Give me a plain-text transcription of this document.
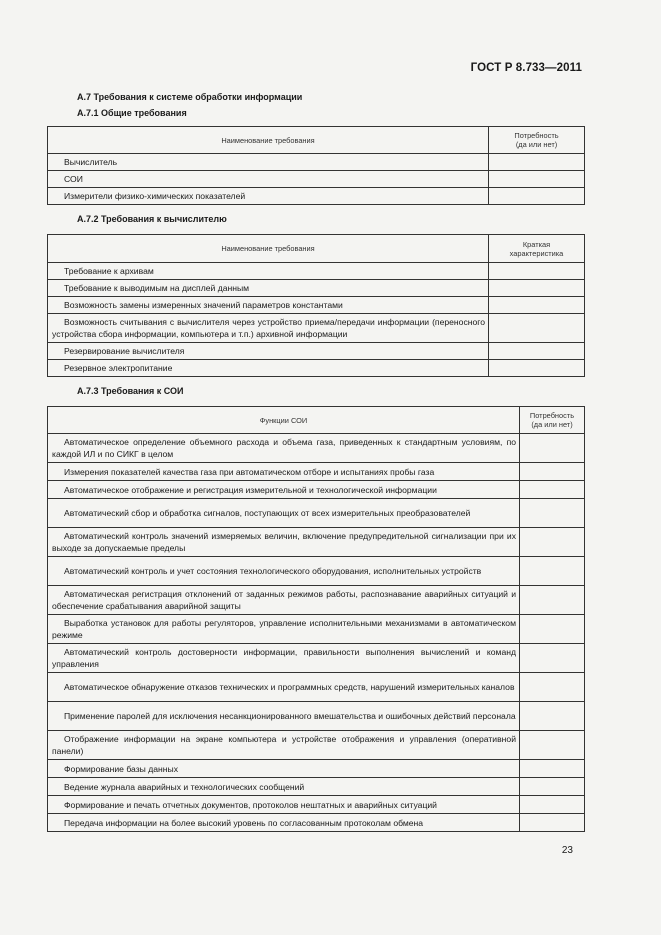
ГОСТ Р 8.733—2011
А.7 Требования к системе обработки информации
А.7.1 Общие требования
Наименование требования	Потребность
(да или нет)

Вычислитель	

СОИ	

Измерители физико-химических показателей	

А.7.2 Требования к вычислителю
Наименование требования	Краткая
характеристика

Требование к архивам	

Требование к выводимым на дисплей данным	

Возможность замены измеренных значений параметров константами	

Возможность считывания с вычислителя через устройство приема/передачи информации (переносного устройства сбора информации, компьютера и т.п.) архивной информации	

Резервирование вычислителя	

Резервное электропитание	

А.7.3 Требования к СОИ
Функции СОИ	Потребность
(да или нет)
Автоматическое определение объемного расхода и объема газа, приведенных к стандартным условиям, по каждой ИЛ и по СИКГ в целом	

Измерения показателей качества газа при автоматическом отборе и испытаниях пробы газа	

Автоматическое отображение и регистрация измерительной и технологической информации	

Автоматический сбор и обработка сигналов, поступающих от всех измерительных преобразователей	
Автоматический контроль значений измеряемых величин, включение предупредительной сигнализации при их выходе за допускаемые пределы	
Автоматический контроль и учет состояния технологического оборудования, исполнительных устройств	
Автоматическая регистрация отклонений от заданных режимов работы, распознавание аварийных ситуаций и обеспечение срабатывания аварийной защиты	
Выработка установок для работы регуляторов, управление исполнительными механизмами в автоматическом режиме	
Автоматический контроль достоверности информации, правильности выполнения вычислений и команд управления	
Автоматическое обнаружение отказов технических и программных средств, нарушений измерительных каналов	
Применение паролей для исключения несанкционированного вмешательства и ошибочных действий персонала	
Отображение информации на экране компьютера и устройстве отображения и управления (оперативной панели)	

Формирование базы данных	

Ведение журнала аварийных и технологических сообщений	

Формирование и печать отчетных документов, протоколов нештатных и аварийных ситуаций	

Передача информации на более высокий уровень по согласованным протоколам обмена	

23
